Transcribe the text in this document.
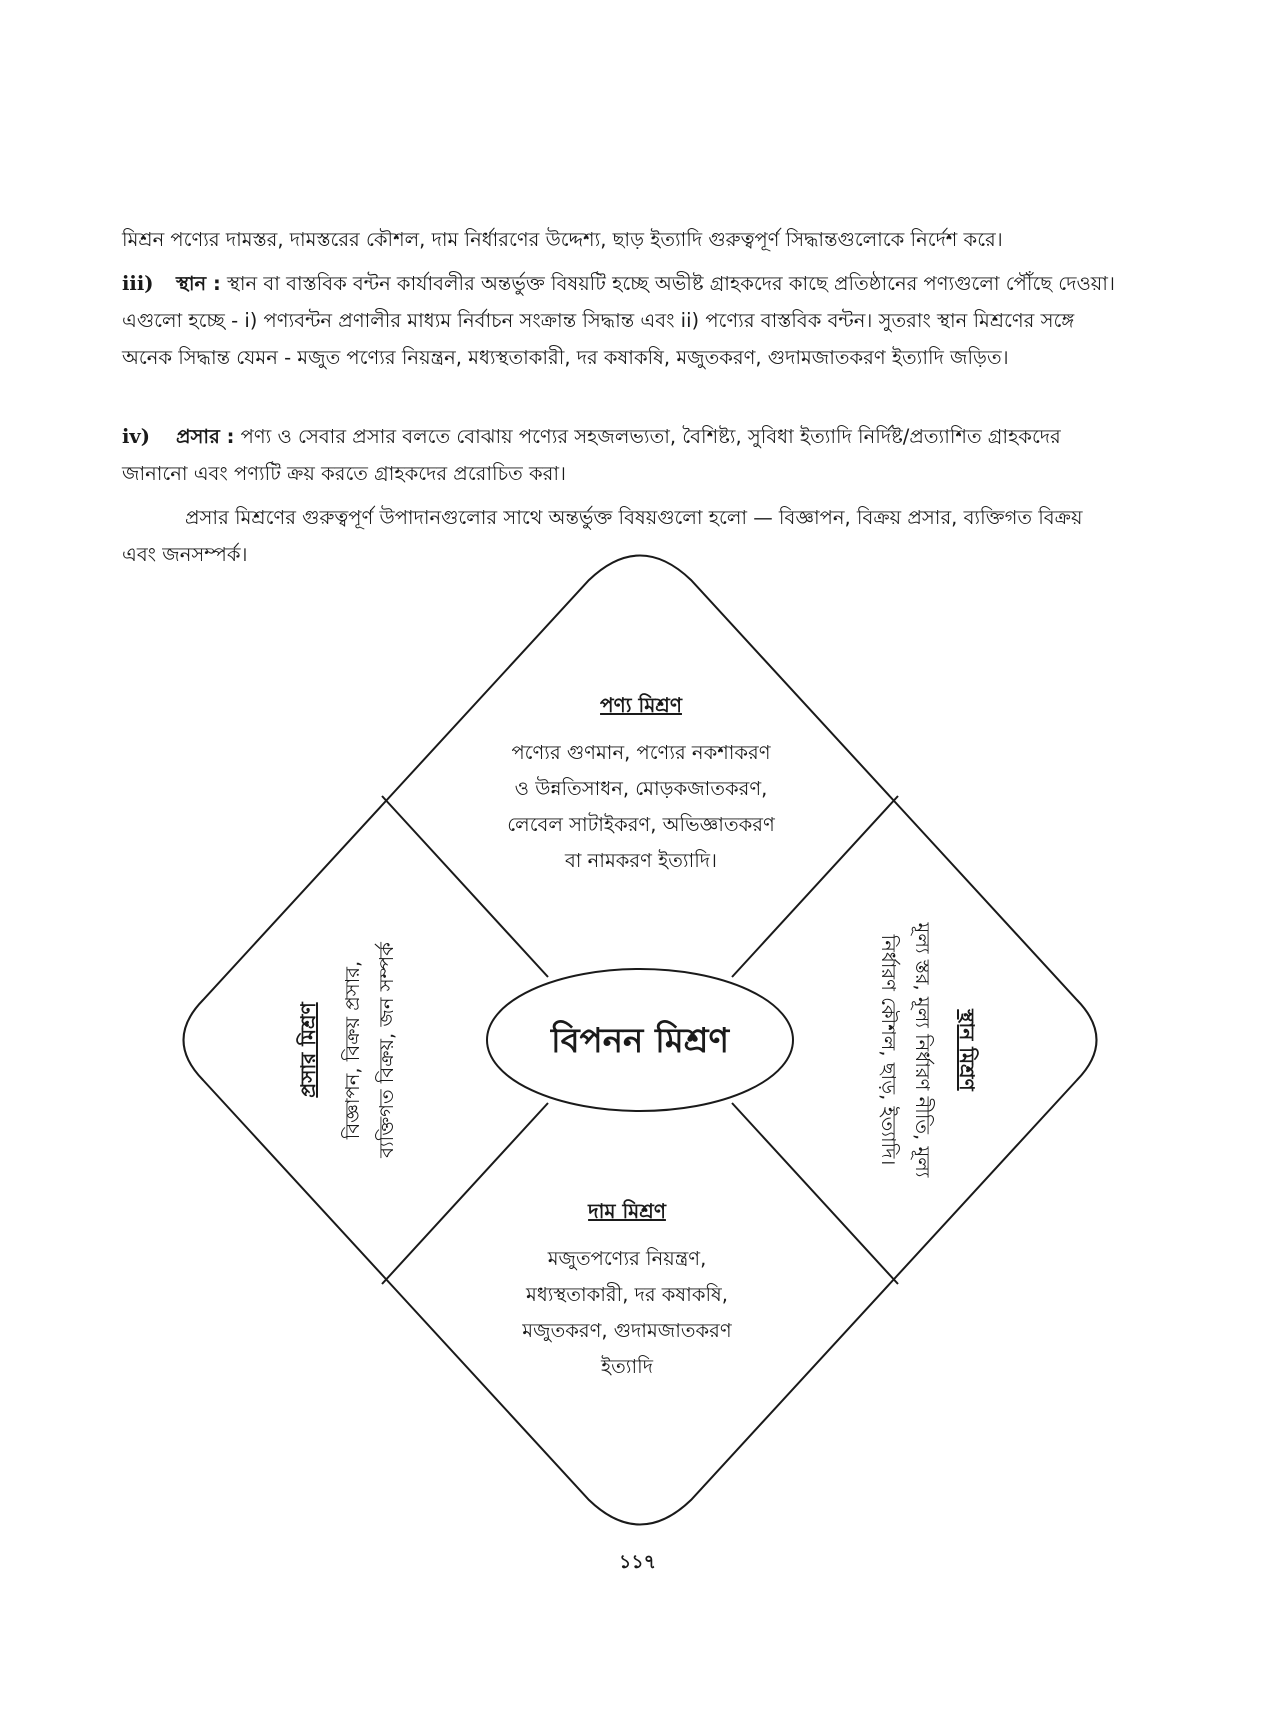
মিশ্রন পণ্যের দামস্তর, দামস্তরের কৌশল, দাম নির্ধারণের উদ্দেশ্য, ছাড় ইত্যাদি গুরুত্বপূর্ণ সিদ্ধান্তগুলোকে নির্দেশ করে।
iii) স্থান : স্থান বা বাস্তবিক বন্টন কার্যাবলীর অন্তর্ভুক্ত বিষয়টি হচ্ছে অভীষ্ট গ্রাহকদের কাছে প্রতিষ্ঠানের পণ্যগুলো পৌঁছে দেওয়া। এগুলো হচ্ছে - i) পণ্যবন্টন প্রণালীর মাধ্যম নির্বাচন সংক্রান্ত সিদ্ধান্ত এবং ii) পণ্যের বাস্তবিক বন্টন। সুতরাং স্থান মিশ্রণের সঙ্গে অনেক সিদ্ধান্ত যেমন - মজুত পণ্যের নিয়ন্ত্রন, মধ্যস্থতাকারী, দর কষাকষি, মজুতকরণ, গুদামজাতকরণ ইত্যাদি জড়িত।
iv) প্রসার : পণ্য ও সেবার প্রসার বলতে বোঝায় পণ্যের সহজলভ্যতা, বৈশিষ্ট্য, সুবিধা ইত্যাদি নির্দিষ্ট/প্রত্যাশিত গ্রাহকদের জানানো এবং পণ্যটি ক্রয় করতে গ্রাহকদের প্ররোচিত করা।
প্রসার মিশ্রণের গুরুত্বপূর্ণ উপাদানগুলোর সাথে অন্তর্ভুক্ত বিষয়গুলো হলো — বিজ্ঞাপন, বিক্রয় প্রসার, ব্যক্তিগত বিক্রয় এবং জনসম্পর্ক।
বিপনন মিশ্রণ
পণ্য মিশ্রণ
পণ্যের গুণমান, পণ্যের নকশাকরণ
ও উন্নতিসাধন, মোড়কজাতকরণ,
লেবেল সাটাইকরণ, অভিজ্ঞাতকরণ
বা নামকরণ ইত্যাদি।
দাম মিশ্রণ
মজুতপণ্যের নিয়ন্ত্রণ,
মধ্যস্থতাকারী, দর কষাকষি,
মজুতকরণ, গুদামজাতকরণ
ইত্যাদি
স্থান মিশ্রণ
মূল্য স্তর, মূল্য নির্ধারণ নীতি, মূল্য
নির্ধারণ কৌশল, ছাড়, ইত্যাদি।
প্রসার মিশ্রণ বিজ্ঞাপন, বিক্রয় প্রসার, ব্যক্তিগত বিক্রয়, জন সম্পর্ক
১১৭
